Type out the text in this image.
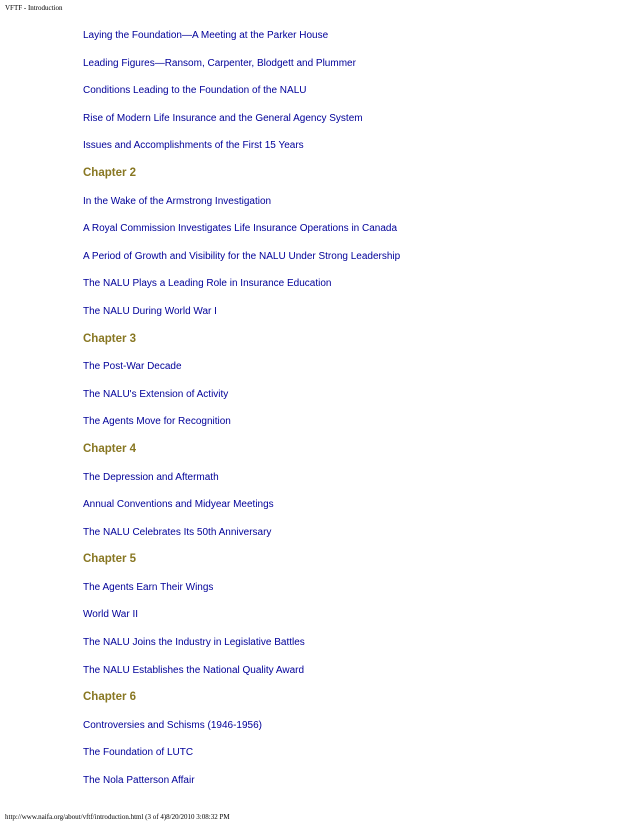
VFTF - Introduction
Laying the Foundation—A Meeting at the Parker House
Leading Figures—Ransom, Carpenter, Blodgett and Plummer
Conditions Leading to the Foundation of the NALU
Rise of Modern Life Insurance and the General Agency System
Issues and Accomplishments of the First 15 Years
Chapter 2
In the Wake of the Armstrong Investigation
A Royal Commission Investigates Life Insurance Operations in Canada
A Period of Growth and Visibility for the NALU Under Strong Leadership
The NALU Plays a Leading Role in Insurance Education
The NALU During World War I
Chapter 3
The Post-War Decade
The NALU's Extension of Activity
The Agents Move for Recognition
Chapter 4
The Depression and Aftermath
Annual Conventions and Midyear Meetings
The NALU Celebrates Its 50th Anniversary
Chapter 5
The Agents Earn Their Wings
World War II
The NALU Joins the Industry in Legislative Battles
The NALU Establishes the National Quality Award
Chapter 6
Controversies and Schisms (1946-1956)
The Foundation of LUTC
The Nola Patterson Affair
http://www.naifa.org/about/vftf/introduction.html (3 of 4)8/20/2010 3:08:32 PM
